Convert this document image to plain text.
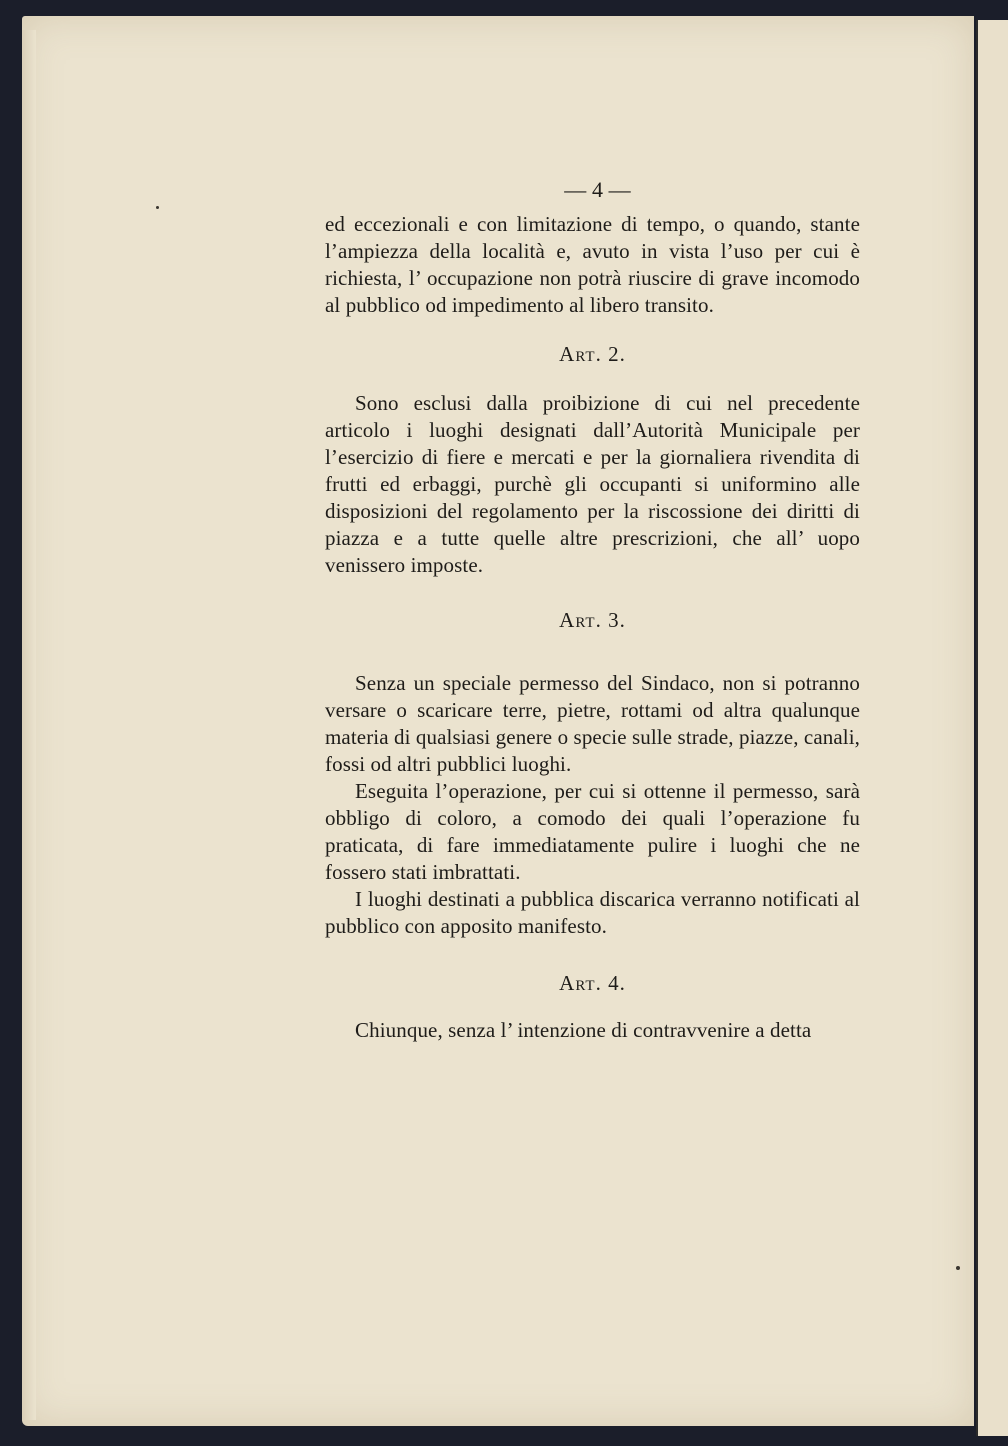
— 4 —

ed eccezionali e con limitazione di tempo, o quando, stante l’ampiezza della località e, avuto in vista l’uso per cui è richiesta, l’ occupazione non potrà riuscire di grave incomodo al pubblico od impedimento al libero transito.

Art. 2.

Sono esclusi dalla proibizione di cui nel precedente articolo i luoghi designati dall’Autorità Municipale per l’esercizio di fiere e mercati e per la giornaliera rivendita di frutti ed erbaggi, purchè gli occupanti si uniformino alle disposizioni del regolamento per la riscossione dei diritti di piazza e a tutte quelle altre prescrizioni, che all’ uopo venissero imposte.

Art. 3.

Senza un speciale permesso del Sindaco, non si potranno versare o scaricare terre, pietre, rottami od altra qualunque materia di qualsiasi genere o specie sulle strade, piazze, canali, fossi od altri pubblici luoghi.

Eseguita l’operazione, per cui si ottenne il permesso, sarà obbligo di coloro, a comodo dei quali l’operazione fu praticata, di fare immediatamente pulire i luoghi che ne fossero stati imbrattati.

I luoghi destinati a pubblica discarica verranno notificati al pubblico con apposito manifesto.

Art. 4.

Chiunque, senza l’ intenzione di contravvenire a detta
